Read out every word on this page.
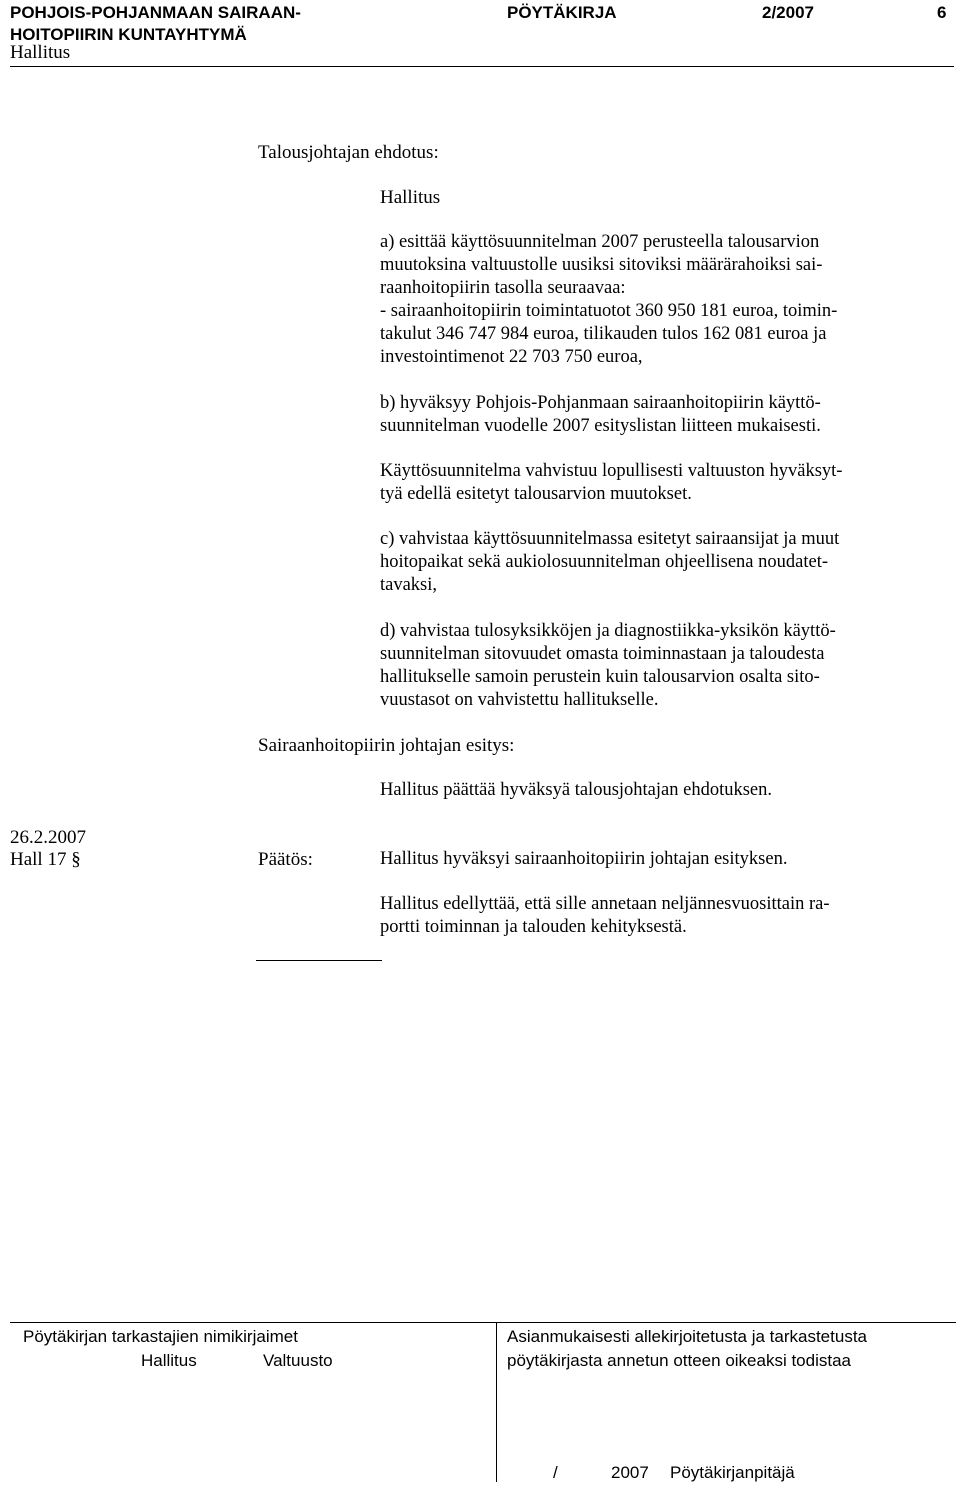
POHJOIS-POHJANMAAN SAIRAAN-
HOITOPIIRIN KUNTAYHTYMÄ
PÖYTÄKIRJA	2/2007	6
Hallitus
Talousjohtajan ehdotus:
Hallitus
a) esittää käyttösuunnitelman 2007 perusteella talousarvion
muutoksina valtuustolle uusiksi sitoviksi määrärahoiksi sai-
raanhoitopiirin tasolla seuraavaa:
- sairaanhoitopiirin toimintatuotot 360 950 181 euroa, toimin-
takulut 346 747 984 euroa, tilikauden tulos 162 081 euroa ja
investointimenot 22 703 750 euroa,
b) hyväksyy Pohjois-Pohjanmaan sairaanhoitopiirin käyttö-
suunnitelman vuodelle 2007 esityslistan liitteen mukaisesti.
Käyttösuunnitelma vahvistuu lopullisesti valtuuston hyväksyt-
tyä edellä esitetyt talousarvion muutokset.
c) vahvistaa käyttösuunnitelmassa esitetyt sairaansijat ja muut
hoitopaikat sekä aukiolosuunnitelman ohjeellisena noudatet-
tavaksi,
d) vahvistaa tulosyksikköjen ja diagnostiikka-yksikön käyttö-
suunnitelman sitovuudet omasta toiminnastaan ja taloudesta
hallitukselle samoin perustein kuin talousarvion osalta sito-
vuustasot on vahvistettu hallitukselle.
Sairaanhoitopiirin johtajan esitys:
Hallitus päättää hyväksyä talousjohtajan ehdotuksen.
26.2.2007
Hall 17 §	Päätös:	Hallitus hyväksyi sairaanhoitopiirin johtajan esityksen.
Hallitus edellyttää, että sille annetaan neljännesvuosittain ra-
portti toiminnan ja talouden kehityksestä.
Pöytäkirjan tarkastajien nimikirjaimet
Hallitus	Valtuusto
Asianmukaisesti allekirjoitetusta ja tarkastetusta
pöytäkirjasta annetun otteen oikeaksi todistaa
/	2007 Pöytäkirjanpitäjä
